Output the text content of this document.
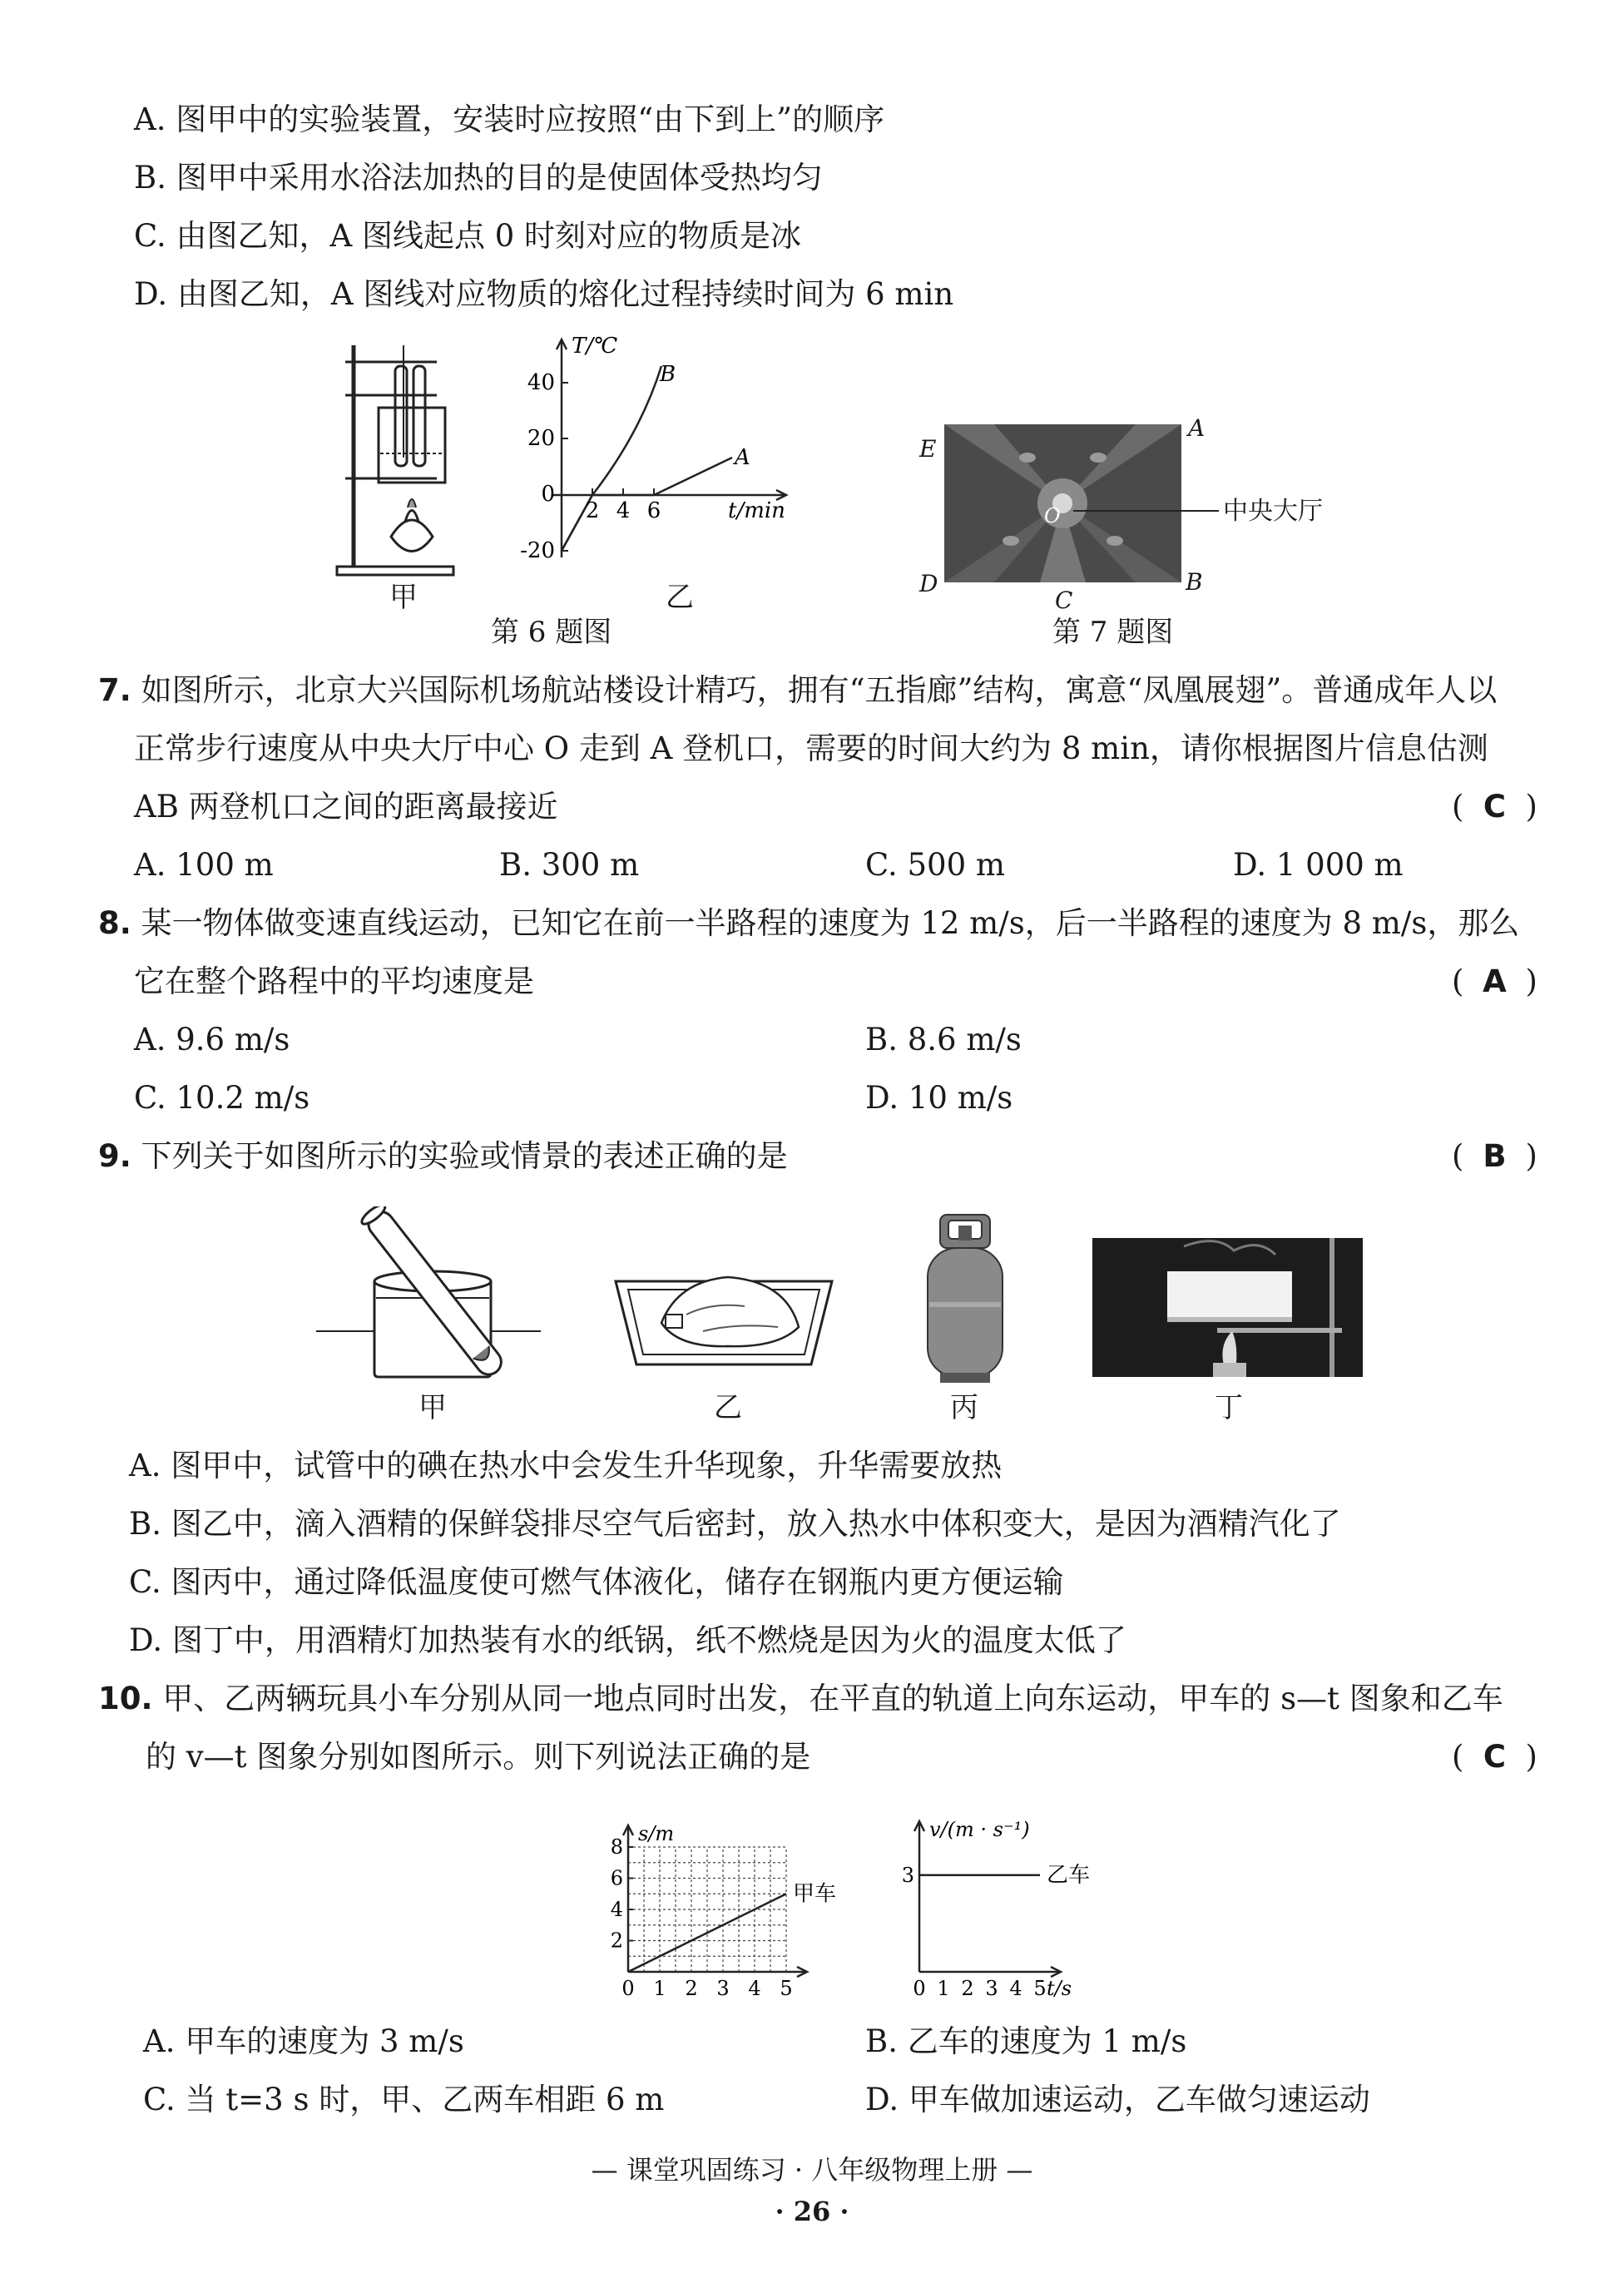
A. 图甲中的实验装置，安装时应按照“由下到上”的顺序
B. 图甲中采用水浴法加热的目的是使固体受热均匀
C. 由图乙知，A 图线起点 0 时刻对应的物质是冰
D. 由图乙知，A 图线对应物质的熔化过程持续时间为 6 min
甲
T/℃
40
20
0
-20
2 4 6	t/min
B
A
乙
第 6 题图
O
A
E
B
D
C
中央大厅
第 7 题图
7. 如图所示，北京大兴国际机场航站楼设计精巧，拥有“五指廊”结构，寓意“凤凰展翅”。普通成年人以
正常步行速度从中央大厅中心 O 走到 A 登机口，需要的时间大约为 8 min，请你根据图片信息估测
AB 两登机口之间的距离最接近	( C )
A. 100 m	B. 300 m	C. 500 m	D. 1 000 m
8. 某一物体做变速直线运动，已知它在前一半路程的速度为 12 m/s，后一半路程的速度为 8 m/s，那么
它在整个路程中的平均速度是	( A )
A. 9.6 m/s	B. 8.6 m/s
C. 10.2 m/s	D. 10 m/s
9. 下列关于如图所示的实验或情景的表述正确的是	( B )
甲	乙	丙	丁
A. 图甲中，试管中的碘在热水中会发生升华现象，升华需要放热
B. 图乙中，滴入酒精的保鲜袋排尽空气后密封，放入热水中体积变大，是因为酒精汽化了
C. 图丙中，通过降低温度使可燃气体液化，储存在钢瓶内更方便运输
D. 图丁中，用酒精灯加热装有水的纸锅，纸不燃烧是因为火的温度太低了
10. 甲、乙两辆玩具小车分别从同一地点同时出发，在平直的轨道上向东运动，甲车的 s—t 图象和乙车
的 v—t 图象分别如图所示。则下列说法正确的是	( C )
0 1 2 3 4 5
2
4
6
8
s/m
甲车
0 1 2 3 4 5
3
v/(m · s⁻¹)
t/s
乙车
A. 甲车的速度为 3 m/s	B. 乙车的速度为 1 m/s
C. 当 t=3 s 时，甲、乙两车相距 6 m	D. 甲车做加速运动，乙车做匀速运动
— 课堂巩固练习 · 八年级物理上册 —
· 26 ·
